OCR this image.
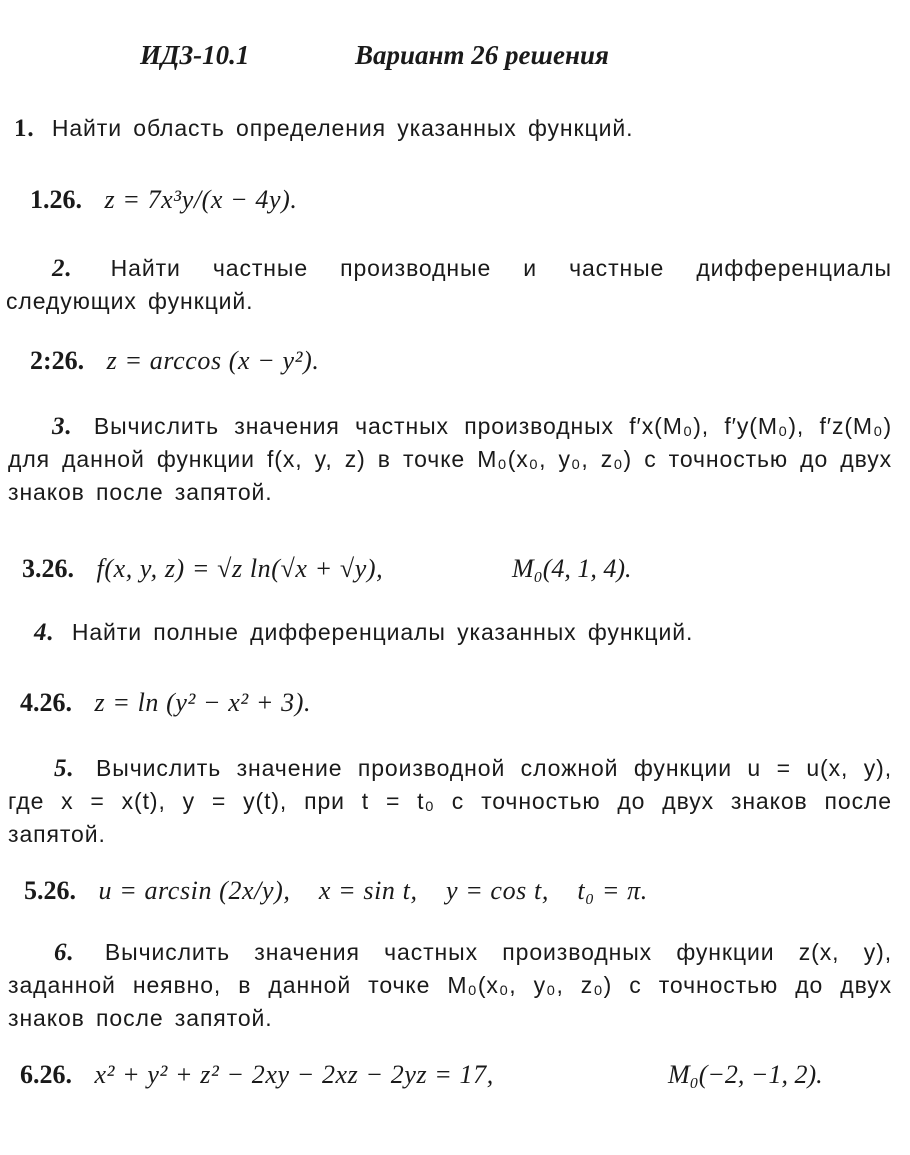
ИДЗ-10.1	Вариант 26 решения
1. Найти область определения указанных функций.
1.26. z = 7x³y/(x − 4y).
2. Найти частные производные и частные дифференциалы следующих функций.
2:26. z = arccos (x − y²).
3. Вычислить значения частных производных f′x(M₀), f′y(M₀), f′z(M₀) для данной функции f(x, y, z) в точке M₀(x₀, y₀, z₀) с точностью до двух знаков после запятой.
3.26. f(x, y, z) = √z ln(√x + √y),	M₀(4, 1, 4).
4. Найти полные дифференциалы указанных функций.
4.26. z = ln (y² − x² + 3).
5. Вычислить значение производной сложной функции u = u(x, y), где x = x(t), y = y(t), при t = t₀ с точностью до двух знаков после запятой.
5.26. u = arcsin (2x/y),    x = sin t,    y = cos t,    t₀ = π.
6. Вычислить значения частных производных функции z(x, y), заданной неявно, в данной точке M₀(x₀, y₀, z₀) с точностью до двух знаков после запятой.
6.26. x² + y² + z² − 2xy − 2xz − 2yz = 17,	M₀(−2, −1, 2).
